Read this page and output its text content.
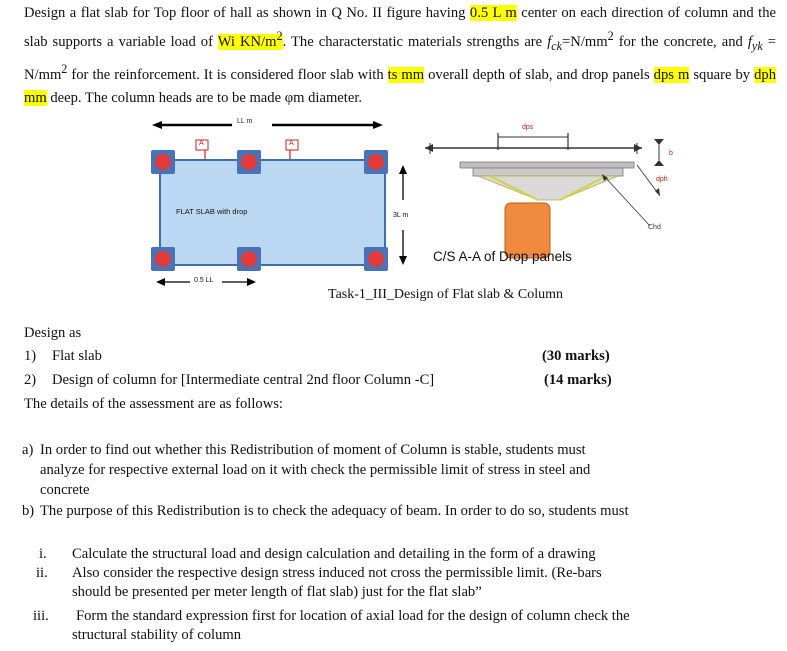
Design a flat slab for Top floor of hall as shown in Q No. II figure having 0.5 L m center on each direction of column and the slab supports a variable load of Wi $KN/m^2$. The characterstatic materials strengths are $f_{ck}=N/mm^2$ for the concrete, and $f_{yk} = N/mm^2$ for the reinforcement. It is considered floor slab with ts mm overall depth of slab, and drop panels dps m square by dph mm deep. The column heads are to be made φm diameter.
LL m
FLAT SLAB with drop	3L m
0.5 LL
A	A
dps
b
dph
Chd
C/S A-A of Drop panels
Task-1_III_Design of Flat slab & Column
Design as
1) Flat slab	(30 marks)
2) Design of column for [Intermediate central 2nd floor Column -C]	(14 marks)
The details of the assessment are as follows:
a) In order to find out whether this Redistribution of moment of Column is stable, students must
analyze for respective external load on it with check the permissible limit of stress in steel and
concrete
b) The purpose of this Redistribution is to check the adequacy of beam. In order to do so, students must
i. Calculate the structural load and design calculation and detailing in the form of a drawing
ii. Also consider the respective design stress induced not cross the permissible limit. (Re-bars
should be presented per meter length of flat slab) just for the flat slab”
iii. Form the standard expression first for location of axial load for the design of column check the
structural stability of column
